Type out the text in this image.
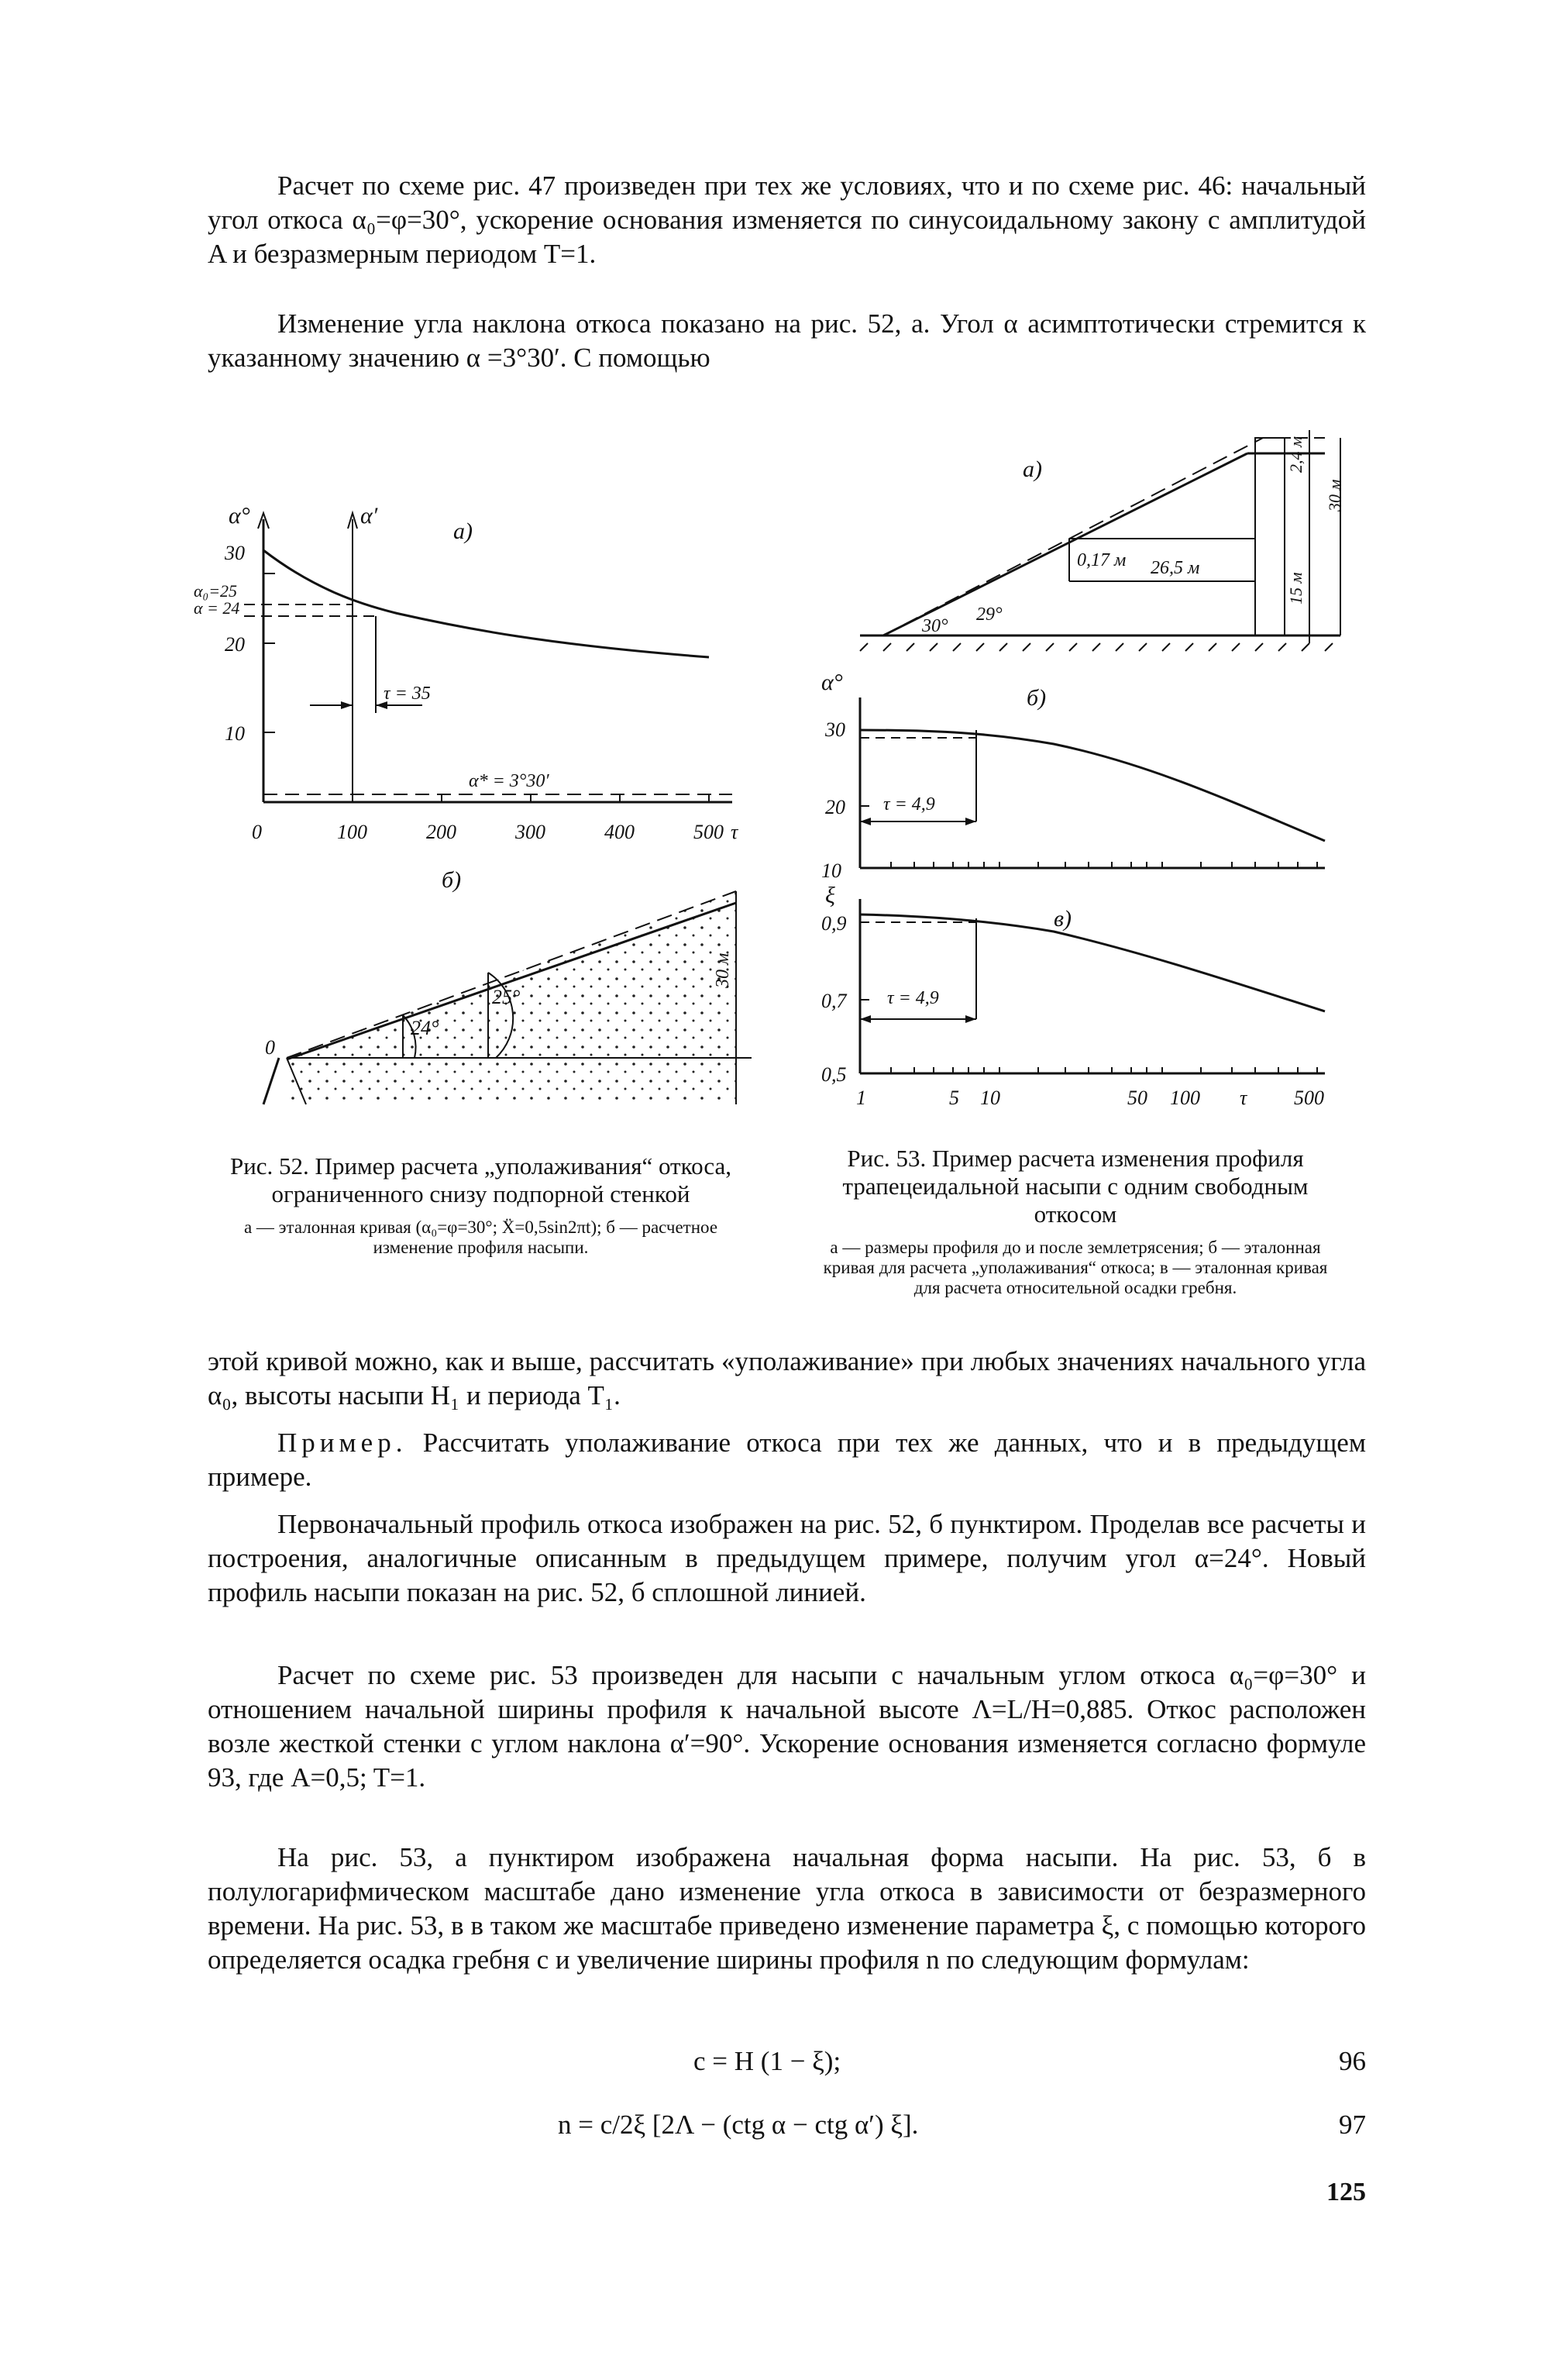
Расчет по схеме рис. 47 произведен при тех же условиях, что и по схеме рис. 46: начальный угол откоса α₀=φ=30°, ускорение основания изменяется по синусоидальному закону с амплитудой A и безразмерным периодом T=1.
Изменение угла наклона откоса показано на рис. 52, а. Угол α асимптотически стремится к указанному значению α =3°30′. С помощью
а)
α°	α′
30
α₀=25
α = 24
20
10
τ = 35
α* = 3°30′
0	100	200	300	400	500 τ
б)
0
24°
25°
30 м
Рис. 52. Пример расчета „уполаживания“ откоса, ограниченного снизу подпорной стенкой
а — эталонная кривая (α₀=φ=30°; Ẍ=0,5sin2πt); б — расчетное изменение профиля насыпи.
а)	2,4 м
30 м
15 м
0,17 м 26,5 м
30°
29°
α°
б)
30
20
10
τ = 4,9
ξ
в)
0,9
0,7
0,5
τ = 4,9
1	5 10	50 100 τ 500
Рис. 53. Пример расчета изменения профиля трапецеидальной насыпи с одним свободным откосом
а — размеры профиля до и после землетрясения; б — эталонная кривая для расчета „уполаживания“ откоса; в — эталонная кривая для расчета относительной осадки гребня.
этой кривой можно, как и выше, рассчитать «уполаживание» при любых значениях начального угла α₀, высоты насыпи H₁ и периода T₁.
Пример. Рассчитать уполаживание откоса при тех же данных, что и в предыдущем примере.
Первоначальный профиль откоса изображен на рис. 52, б пунктиром. Проделав все расчеты и построения, аналогичные описанным в предыдущем примере, получим угол α=24°. Новый профиль насыпи показан на рис. 52, б сплошной линией.
Расчет по схеме рис. 53 произведен для насыпи с начальным углом откоса α₀=φ=30° и отношением начальной ширины профиля к начальной высоте Λ=L/H=0,885. Откос расположен возле жесткой стенки с углом наклона α′=90°. Ускорение основания изменяется согласно формуле 93, где A=0,5; T=1.
На рис. 53, а пунктиром изображена начальная форма насыпи. На рис. 53, б в полулогарифмическом масштабе дано изменение угла откоса в зависимости от безразмерного времени. На рис. 53, в в таком же масштабе приведено изменение параметра ξ, с помощью которого определяется осадка гребня c и увеличение ширины профиля n по следующим формулам:
c = H (1 − ξ);	96
n = c/2ξ [2Λ − (ctg α − ctg α′) ξ].	97
125
